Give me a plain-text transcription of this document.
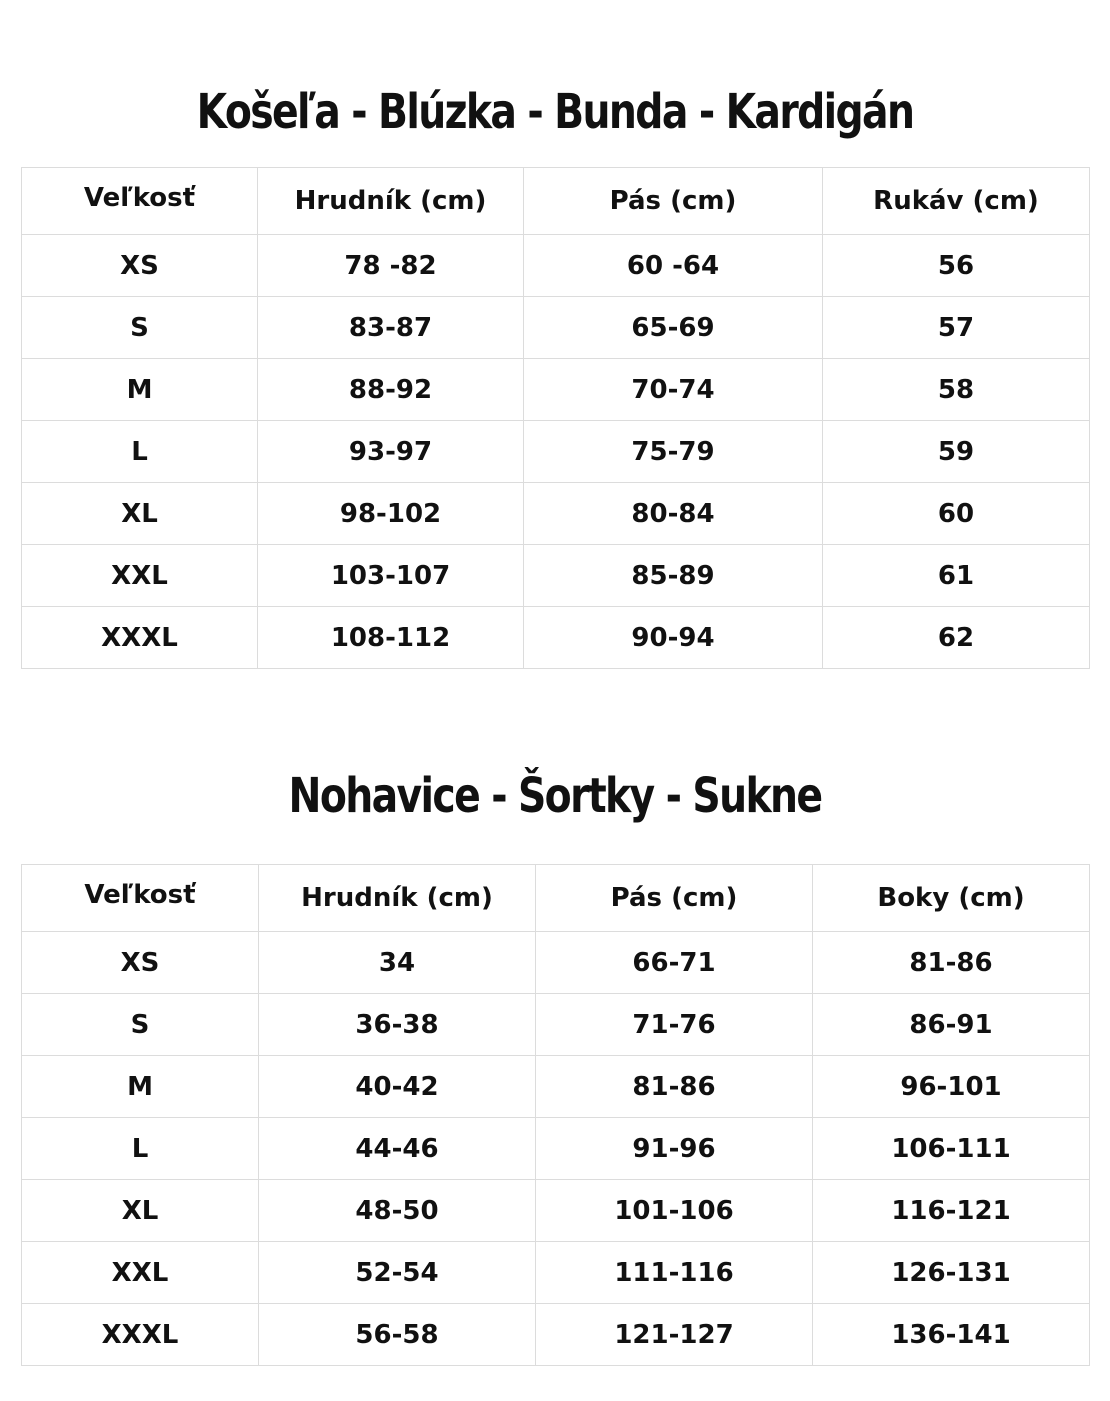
Košeľa - Blúzka - Bunda - Kardigán
Veľkosť	Hrudník (cm)	Pás (cm)	Rukáv (cm)
XS	78 -82	60 -64	56
S	83-87	65-69	57
M	88-92	70-74	58
L	93-97	75-79	59
XL	98-102	80-84	60
XXL	103-107	85-89	61
XXXL	108-112	90-94	62
Nohavice - Šortky - Sukne
Veľkosť	Hrudník (cm)	Pás (cm)	Boky (cm)
XS	34	66-71	81-86
S	36-38	71-76	86-91
M	40-42	81-86	96-101
L	44-46	91-96	106-111
XL	48-50	101-106	116-121
XXL	52-54	111-116	126-131
XXXL	56-58	121-127	136-141
